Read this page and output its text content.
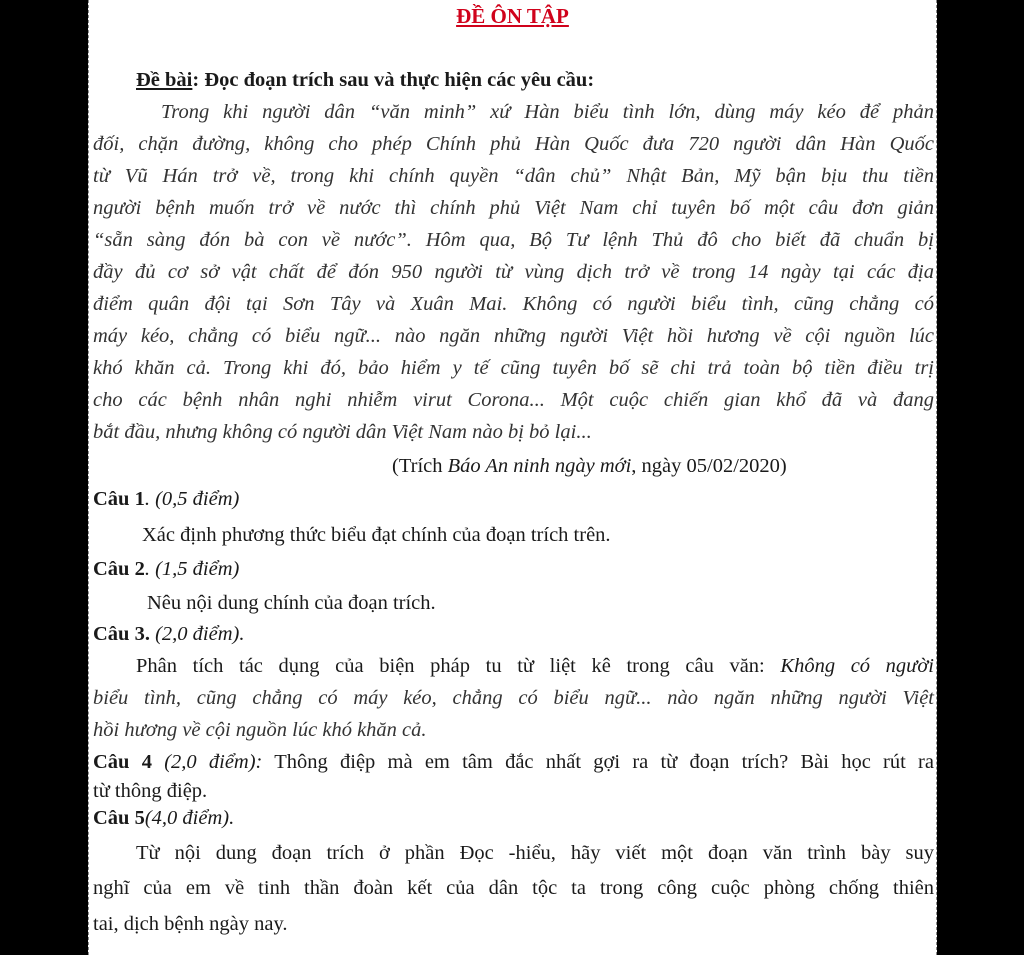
ĐỀ ÔN TẬP
Đề bài: Đọc đoạn trích sau và thực hiện các yêu cầu:
Trong khi người dân “văn minh” xứ Hàn biểu tình lớn, dùng máy kéo để phản
đối, chặn đường, không cho phép Chính phủ Hàn Quốc đưa 720 người dân Hàn Quốc
từ Vũ Hán trở về, trong khi chính quyền “dân chủ” Nhật Bản, Mỹ bận bịu thu tiền
người bệnh muốn trở về nước thì chính phủ Việt Nam chỉ tuyên bố một câu đơn giản
“sẵn sàng đón bà con về nước”. Hôm qua, Bộ Tư lệnh Thủ đô cho biết đã chuẩn bị
đầy đủ cơ sở vật chất để đón 950 người từ vùng dịch trở về trong 14 ngày tại các địa
điểm quân đội tại Sơn Tây và Xuân Mai. Không có người biểu tình, cũng chẳng có
máy kéo, chẳng có biểu ngữ... nào ngăn những người Việt hồi hương về cội nguồn lúc
khó khăn cả. Trong khi đó, bảo hiểm y tế cũng tuyên bố sẽ chi trả toàn bộ tiền điều trị
cho các bệnh nhân nghi nhiễm virut Corona... Một cuộc chiến gian khổ đã và đang
bắt đầu, nhưng không có người dân Việt Nam nào bị bỏ lại...
(Trích Báo An ninh ngày mới, ngày 05/02/2020)
Câu 1. (0,5 điểm)
Xác định phương thức biểu đạt chính của đoạn trích trên.
Câu 2. (1,5 điểm)
Nêu nội dung chính của đoạn trích.
Câu 3. (2,0 điểm).
Phân tích tác dụng của biện pháp tu từ liệt kê trong câu văn: Không có người
biểu tình, cũng chẳng có máy kéo, chẳng có biểu ngữ... nào ngăn những người Việt
hồi hương về cội nguồn lúc khó khăn cả.
Câu 4 (2,0 điểm): Thông điệp mà em tâm đắc nhất gợi ra từ đoạn trích? Bài học rút ra
từ thông điệp.
Câu 5(4,0 điểm).
Từ nội dung đoạn trích ở phần Đọc -hiểu, hãy viết một đoạn văn trình bày suy
nghĩ của em về tinh thần đoàn kết của dân tộc ta trong công cuộc phòng chống thiên
tai, dịch bệnh ngày nay.
